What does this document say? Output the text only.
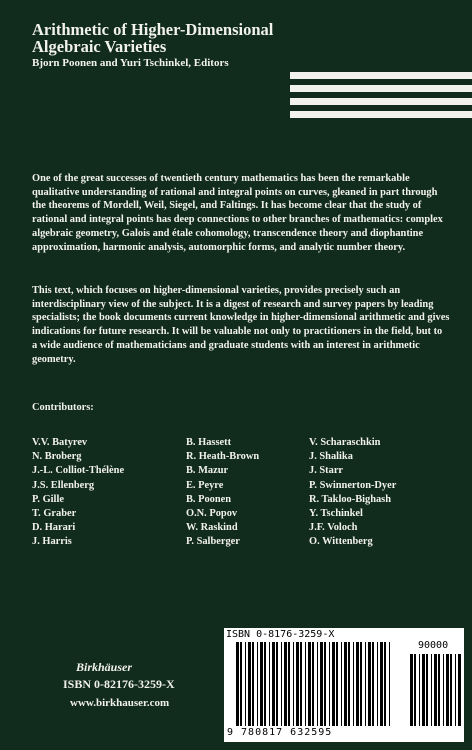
Arithmetic of Higher-Dimensional Algebraic Varieties
Bjorn Poonen and Yuri Tschinkel, Editors
One of the great successes of twentieth century mathematics has been the remarkable qualitative understanding of rational and integral points on curves, gleaned in part through the theorems of Mordell, Weil, Siegel, and Faltings. It has become clear that the study of rational and integral points has deep connections to other branches of mathematics: complex algebraic geometry, Galois and étale cohomology, transcendence theory and diophantine approximation, harmonic analysis, automorphic forms, and analytic number theory.
This text, which focuses on higher-dimensional varieties, provides precisely such an interdisciplinary view of the subject. It is a digest of research and survey papers by leading specialists; the book documents current knowledge in higher-dimensional arithmetic and gives indications for future research. It will be valuable not only to practitioners in the field, but to a wide audience of mathematicians and graduate students with an interest in arithmetic geometry.
Contributors:
V.V. Batyrev
N. Broberg
J.-L. Colliot-Thélène
J.S. Ellenberg
P. Gille
T. Graber
D. Harari
J. Harris
B. Hassett
R. Heath-Brown
B. Mazur
E. Peyre
B. Poonen
O.N. Popov
W. Raskind
P. Salberger
V. Scharaschkin
J. Shalika
J. Starr
P. Swinnerton-Dyer
R. Takloo-Bighash
Y. Tschinkel
J.F. Voloch
O. Wittenberg
Birkhäuser
ISBN 0-82176-3259-X
www.birkhauser.com
ISBN 0-8176-3259-X
90000
9 780817 632595
